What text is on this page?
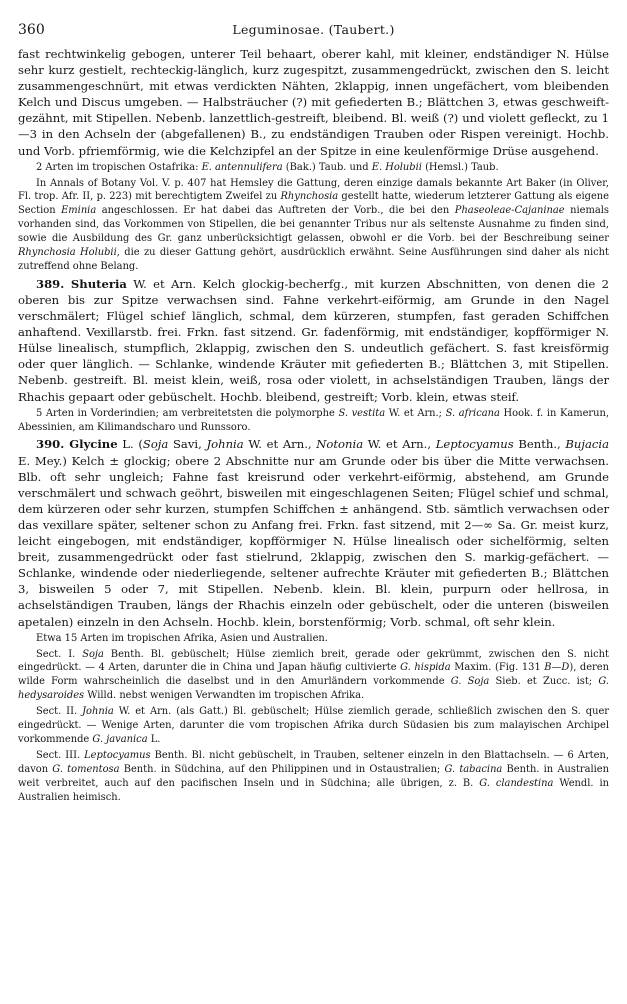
360	Leguminosae. (Taubert.)

fast rechtwinkelig gebogen, unterer Teil behaart, oberer kahl, mit kleiner, endständiger N. Hülse sehr kurz gestielt, rechteckig-länglich, kurz zugespitzt, zusammengedrückt, zwischen den S. leicht zusammengeschnürt, mit etwas verdickten Nähten, 2klappig, innen ungefächert, vom bleibenden Kelch und Discus umgeben. — Halbsträucher (?) mit gefiederten B.; Blättchen 3, etwas geschweift-gezähnt, mit Stipellen. Nebenb. lanzettlich-gestreift, bleibend. Bl. weiß (?) und violett gefleckt, zu 1—3 in den Achseln der (abgefallenen) B., zu endständigen Trauben oder Rispen vereinigt. Hochb. und Vorb. pfriemförmig, wie die Kelchzipfel an der Spitze in eine keulenförmige Drüse ausgehend.

2 Arten im tropischen Ostafrika: E. antennulifera (Bak.) Taub. und E. Holubii (Hemsl.) Taub.

In Annals of Botany Vol. V. p. 407 hat Hemsley die Gattung, deren einzige damals bekannte Art Baker (in Oliver, Fl. trop. Afr. II, p. 223) mit berechtigtem Zweifel zu Rhynchosia gestellt hatte, wiederum letzterer Gattung als eigene Section Eminia angeschlossen. Er hat dabei das Auftreten der Vorb., die bei den Phaseoleae-Cajaninae niemals vorhanden sind, das Vorkommen von Stipellen, die bei genannter Tribus nur als seltenste Ausnahme zu finden sind, sowie die Ausbildung des Gr. ganz unberücksichtigt gelassen, obwohl er die Vorb. bei der Beschreibung seiner Rhynchosia Holubii, die zu dieser Gattung gehört, ausdrücklich erwähnt. Seine Ausführungen sind daher als nicht zutreffend ohne Belang.

389. Shuteria W. et Arn. Kelch glockig-becherfg., mit kurzen Abschnitten, von denen die 2 oberen bis zur Spitze verwachsen sind. Fahne verkehrt-eiförmig, am Grunde in den Nagel verschmälert; Flügel schief länglich, schmal, dem kürzeren, stumpfen, fast geraden Schiffchen anhaftend. Vexillarstb. frei. Frkn. fast sitzend. Gr. fadenförmig, mit endständiger, kopfförmiger N. Hülse linealisch, stumpflich, 2klappig, zwischen den S. undeutlich gefächert. S. fast kreisförmig oder quer länglich. — Schlanke, windende Kräuter mit gefiederten B.; Blättchen 3, mit Stipellen. Nebenb. gestreift. Bl. meist klein, weiß, rosa oder violett, in achselständigen Trauben, längs der Rhachis gepaart oder gebüschelt. Hochb. bleibend, gestreift; Vorb. klein, etwas steif.

5 Arten in Vorderindien; am verbreitetsten die polymorphe S. vestita W. et Arn.; S. africana Hook. f. in Kamerun, Abessinien, am Kilimandscharo und Runssoro.

390. Glycine L. (Soja Savi, Johnia W. et Arn., Notonia W. et Arn., Leptocyamus Benth., Bujacia E. Mey.) Kelch ± glockig; obere 2 Abschnitte nur am Grunde oder bis über die Mitte verwachsen. Blb. oft sehr ungleich; Fahne fast kreisrund oder verkehrt-eiförmig, abstehend, am Grunde verschmälert und schwach geöhrt, bisweilen mit eingeschlagenen Seiten; Flügel schief und schmal, dem kürzeren oder sehr kurzen, stumpfen Schiffchen ± anhängend. Stb. sämtlich verwachsen oder das vexillare später, seltener schon zu Anfang frei. Frkn. fast sitzend, mit 2—∞ Sa. Gr. meist kurz, leicht eingebogen, mit endständiger, kopfförmiger N. Hülse linealisch oder sichelförmig, selten breit, zusammengedrückt oder fast stielrund, 2klappig, zwischen den S. markig-gefächert. — Schlanke, windende oder niederliegende, seltener aufrechte Kräuter mit gefiederten B.; Blättchen 3, bisweilen 5 oder 7, mit Stipellen. Nebenb. klein. Bl. klein, purpurn oder hellrosa, in achselständigen Trauben, längs der Rhachis einzeln oder gebüschelt, oder die unteren (bisweilen apetalen) einzeln in den Achseln. Hochb. klein, borstenförmig; Vorb. schmal, oft sehr klein.

Etwa 15 Arten im tropischen Afrika, Asien und Australien.

Sect. I. Soja Benth. Bl. gebüschelt; Hülse ziemlich breit, gerade oder gekrümmt, zwischen den S. nicht eingedrückt. — 4 Arten, darunter die in China und Japan häufig cultivierte G. hispida Maxim. (Fig. 131 B—D), deren wilde Form wahrscheinlich die daselbst und in den Amurländern vorkommende G. Soja Sieb. et Zucc. ist; G. hedysaroides Willd. nebst wenigen Verwandten im tropischen Afrika.

Sect. II. Johnia W. et Arn. (als Gatt.) Bl. gebüschelt; Hülse ziemlich gerade, schließlich zwischen den S. quer eingedrückt. — Wenige Arten, darunter die vom tropischen Afrika durch Südasien bis zum malayischen Archipel vorkommende G. javanica L.

Sect. III. Leptocyamus Benth. Bl. nicht gebüschelt, in Trauben, seltener einzeln in den Blattachseln. — 6 Arten, davon G. tomentosa Benth. in Südchina, auf den Philippinen und in Ostaustralien; G. tabacina Benth. in Australien weit verbreitet, auch auf den pacifischen Inseln und in Südchina; alle übrigen, z. B. G. clandestina Wendl. in Australien heimisch.
